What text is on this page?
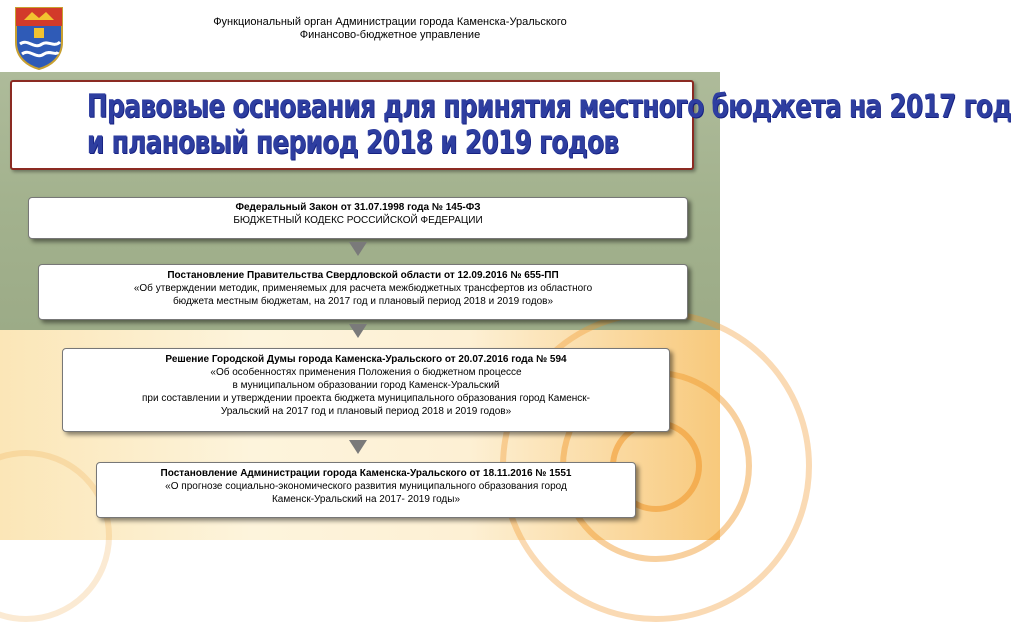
Функциональный орган Администрации города Каменска-Уральского
Финансово-бюджетное управление
Правовые основания для принятия местного бюджета на 2017 год
и плановый период 2018 и 2019 годов
Федеральный Закон от 31.07.1998 года № 145-ФЗ
БЮДЖЕТНЫЙ КОДЕКС РОССИЙСКОЙ ФЕДЕРАЦИИ
Постановление Правительства Свердловской области от 12.09.2016 № 655-ПП
«Об утверждении методик, применяемых для расчета межбюджетных трансфертов из областного
бюджета местным бюджетам, на 2017 год и плановый период 2018 и 2019 годов»
Решение Городской Думы города Каменска-Уральского от 20.07.2016 года № 594
«Об особенностях применения Положения о бюджетном процессе
в муниципальном образовании город Каменск-Уральский
при составлении и утверждении проекта бюджета муниципального образования город Каменск-
Уральский на 2017 год и плановый период 2018 и 2019 годов»
Постановление Администрации города Каменска-Уральского от 18.11.2016 № 1551
«О прогнозе социально-экономического развития муниципального образования город
Каменск-Уральский на 2017- 2019 годы»
